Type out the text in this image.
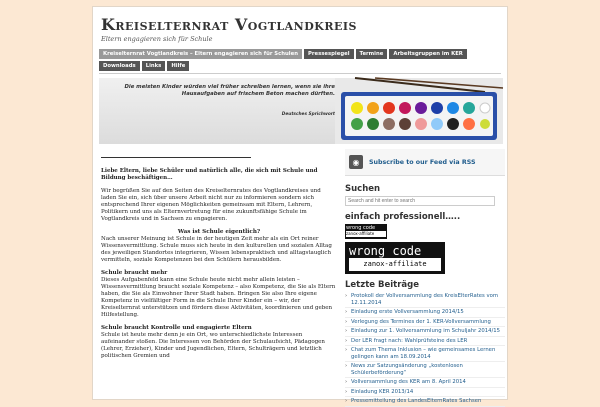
Kreiselternrat Vogtlandkreis
Eltern engagieren sich für Schule
Kreiselternrat Vogtlandkreis – Eltern engagieren sich für Schulen	Pressespiegel	Termine	Arbeitsgruppen im KER
Downloads	Links	Hilfe
Die meisten Kinder würden viel früher schreiben lernen, wenn sie ihre Hausaufgaben auf frischem Beton machen dürften.
Deutsches Sprichwort

Liebe Eltern, liebe Schüler und natürlich alle, die sich mit Schule und Bildung beschäftigen…

Wir begrüßen Sie auf den Seiten des Kreiselternrates des Vogtlandkreises und laden Sie ein, sich über unsere Arbeit nicht nur zu informieren sondern sich entsprechend Ihrer eigenen Möglichkeiten gemeinsam mit Eltern, Lehrern, Politikern und uns als Elternvertretung für eine zukunftsfähige Schule im Vogtlandkreis und in Sachsen zu engagieren.

Was ist Schule eigentlich?

Nach unserer Meinung ist Schule in der heutigen Zeit mehr als ein Ort reiner Wissensvermittlung. Schule muss sich heute in den kulturellen und sozialen Alltag des jeweiligen Standortes integrieren, Wissen lebenspraktisch und alltagstauglich vermitteln, soziale Kompetenzen bei den Schülern herausbilden.

Schule braucht mehr

Dieses Aufgabenfeld kann eine Schule heute nicht mehr allein leisten – Wissensvermittlung braucht soziale Kompetenz – also Kompetenz, die Sie als Eltern haben, die Sie als Einwohner Ihrer Stadt haben. Bringen Sie also Ihre eigene Kompetenz in vielfältiger Form in die Schule Ihrer Kinder ein – wir, der Kreiselternrat unterstützen und fördern diese Aktivitäten, koordinieren und geben Hilfestellung.

Schule braucht Kontrolle und engagierte Eltern

Schule ist heute mehr denn je ein Ort, wo unterschiedlichste Interessen aufeinander stoßen. Die Interessen von Behörden der Schulaufsicht, Pädagogen (Lehrer, Erzieher), Kinder und Jugendlichen, Eltern, Schulträgern und letztlich politischen Gremien und

◉	Subscribe to our Feed via RSS
Suchen
Search and hit enter to search
einfach professionell…..
wrong code
zanox-affiliate
wrong code
zanox-affiliate
Letzte Beiträge
› Protokoll der Vollversammlung des KreisElterRates vom 12.11.2014
› Einladung erste Vollversammlung 2014/15
› Verlegung des Termines der 1. KER-Vollversammlung
› Einladung zur 1. Vollversammlung im Schuljahr 2014/15
› Der LER fragt nach: Wahlprüfsteine des LER
› Chat zum Thema Inklusion – wie gemeinsames Lernen gelingen kann am 18.09.2014
› News zur Satzungsänderung „kostenlosen Schülerbeförderung“
› Vollversammlung des KER am 8. April 2014
› Einladung KER 2013/14
› Pressemitteilung des LandesElternRates Sachsen
